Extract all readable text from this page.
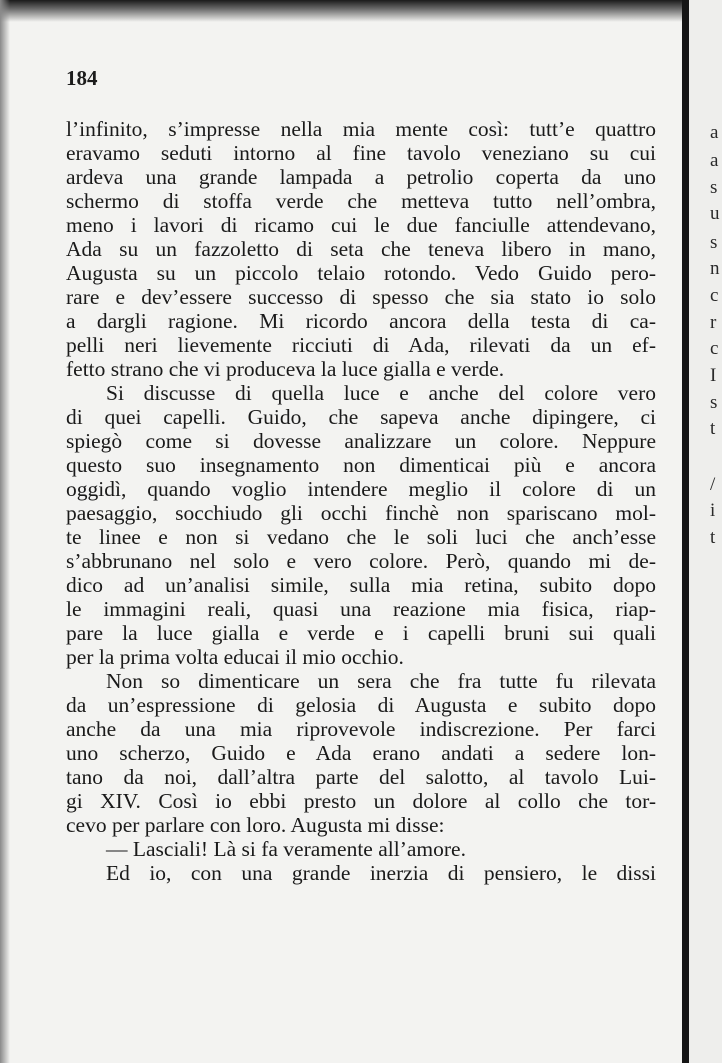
184
l’infinito, s’impresse nella mia mente così: tutt’e quattro
eravamo seduti intorno al fine tavolo veneziano su cui
ardeva una grande lampada a petrolio coperta da uno
schermo di stoffa verde che metteva tutto nell’ombra,
meno i lavori di ricamo cui le due fanciulle attendevano,
Ada su un fazzoletto di seta che teneva libero in mano,
Augusta su un piccolo telaio rotondo. Vedo Guido pero-
rare e dev’essere successo di spesso che sia stato io solo
a dargli ragione. Mi ricordo ancora della testa di ca-
pelli neri lievemente ricciuti di Ada, rilevati da un ef-
fetto strano che vi produceva la luce gialla e verde.
Si discusse di quella luce e anche del colore vero
di quei capelli. Guido, che sapeva anche dipingere, ci
spiegò come si dovesse analizzare un colore. Neppure
questo suo insegnamento non dimenticai più e ancora
oggidì, quando voglio intendere meglio il colore di un
paesaggio, socchiudo gli occhi finchè non spariscano mol-
te linee e non si vedano che le soli luci che anch’esse
s’abbrunano nel solo e vero colore. Però, quando mi de-
dico ad un’analisi simile, sulla mia retina, subito dopo
le immagini reali, quasi una reazione mia fisica, riap-
pare la luce gialla e verde e i capelli bruni sui quali
per la prima volta educai il mio occhio.
Non so dimenticare un sera che fra tutte fu rilevata
da un’espressione di gelosia di Augusta e subito dopo
anche da una mia riprovevole indiscrezione. Per farci
uno scherzo, Guido e Ada erano andati a sedere lon-
tano da noi, dall’altra parte del salotto, al tavolo Lui-
gi XIV. Così io ebbi presto un dolore al collo che tor-
cevo per parlare con loro. Augusta mi disse:
— Lasciali! Là si fa veramente all’amore.
Ed io, con una grande inerzia di pensiero, le dissi
a
a
s
u
s
n
c
r
c
I
s
t
/
i
t
